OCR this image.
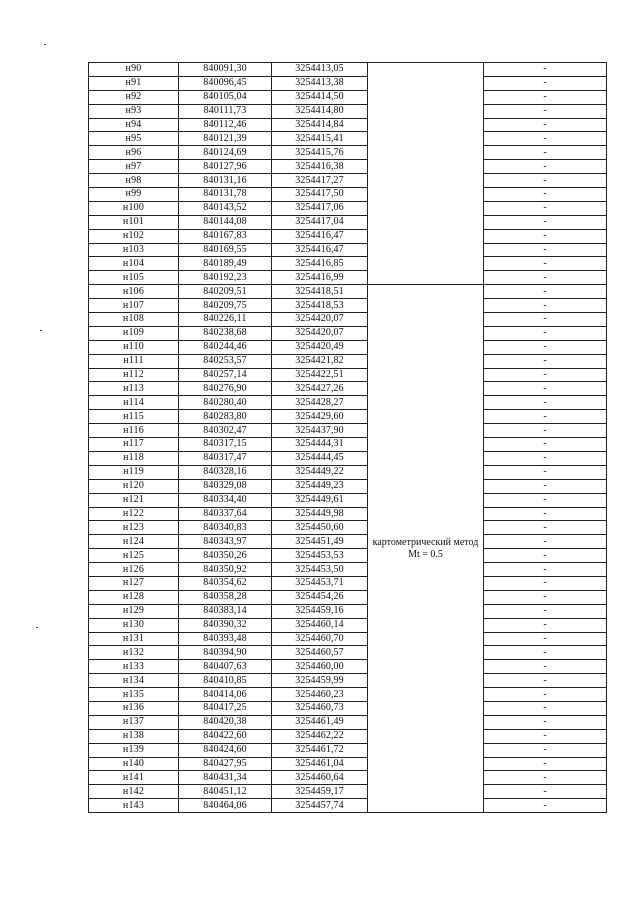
н90	840091,30	3254413,05		-
н91	840096,45	3254413,38		-
н92	840105,04	3254414,50		-
н93	840111,73	3254414,80		-
н94	840112,46	3254414,84		-
н95	840121,39	3254415,41		-
н96	840124,69	3254415,76		-
н97	840127,96	3254416,38		-
н98	840131,16	3254417,27		-
н99	840131,78	3254417,50		-
н100	840143,52	3254417,06		-
н101	840144,08	3254417,04		-
н102	840167,83	3254416,47		-
н103	840169,55	3254416,47		-
н104	840189,49	3254416,85		-
н105	840192,23	3254416,99		-
н106	840209,51	3254418,51	картометрический метод Mt = 0.5	-
н107	840209,75	3254418,53		-
н108	840226,11	3254420,07		-
н109	840238,68	3254420,07		-
н110	840244,46	3254420,49		-
н111	840253,57	3254421,82		-
н112	840257,14	3254422,51		-
н113	840276,90	3254427,26		-
н114	840280,40	3254428,27		-
н115	840283,80	3254429,60		-
н116	840302,47	3254437,90		-
н117	840317,15	3254444,31		-
н118	840317,47	3254444,45		-
н119	840328,16	3254449,22		-
н120	840329,08	3254449,23		-
н121	840334,40	3254449,61		-
н122	840337,64	3254449,98		-
н123	840340,83	3254450,60		-
н124	840343,97	3254451,49		-
н125	840350,26	3254453,53		-
н126	840350,92	3254453,50		-
н127	840354,62	3254453,71		-
н128	840358,28	3254454,26		-
н129	840383,14	3254459,16		-
н130	840390,32	3254460,14		-
н131	840393,48	3254460,70		-
н132	840394,90	3254460,57		-
н133	840407,63	3254460,00		-
н134	840410,85	3254459,99		-
н135	840414,06	3254460,23		-
н136	840417,25	3254460,73		-
н137	840420,38	3254461,49		-
н138	840422,60	3254462,22		-
н139	840424,60	3254461,72		-
н140	840427,95	3254461,04		-
н141	840431,34	3254460,64		-
н142	840451,12	3254459,17		-
н143	840464,06	3254457,74		-
